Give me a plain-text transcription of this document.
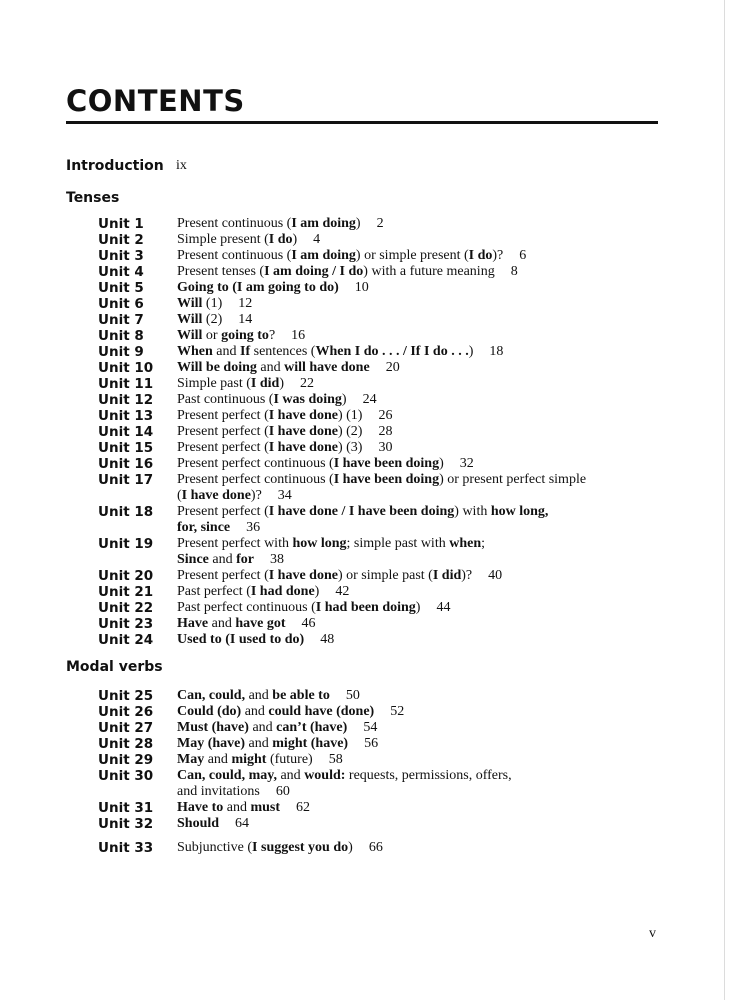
CONTENTS
Introduction ix
Tenses
Unit 1 Present continuous (I am doing) 2
Unit 2 Simple present (I do) 4
Unit 3 Present continuous (I am doing) or simple present (I do)? 6
Unit 4 Present tenses (I am doing / I do) with a future meaning 8
Unit 5 Going to (I am going to do) 10
Unit 6 Will (1) 12
Unit 7 Will (2) 14
Unit 8 Will or going to? 16
Unit 9 When and If sentences (When I do . . . / If I do . . .) 18
Unit 10 Will be doing and will have done 20
Unit 11 Simple past (I did) 22
Unit 12 Past continuous (I was doing) 24
Unit 13 Present perfect (I have done) (1) 26
Unit 14 Present perfect (I have done) (2) 28
Unit 15 Present perfect (I have done) (3) 30
Unit 16 Present perfect continuous (I have been doing) 32
Unit 17 Present perfect continuous (I have been doing) or present perfect simple
(I have done)? 34
Unit 18 Present perfect (I have done / I have been doing) with how long,
for, since 36
Unit 19 Present perfect with how long; simple past with when;
Since and for 38
Unit 20 Present perfect (I have done) or simple past (I did)? 40
Unit 21 Past perfect (I had done) 42
Unit 22 Past perfect continuous (I had been doing) 44
Unit 23 Have and have got 46
Unit 24 Used to (I used to do) 48
Modal verbs
Unit 25 Can, could, and be able to 50
Unit 26 Could (do) and could have (done) 52
Unit 27 Must (have) and can’t (have) 54
Unit 28 May (have) and might (have) 56
Unit 29 May and might (future) 58
Unit 30 Can, could, may, and would: requests, permissions, offers,
and invitations 60
Unit 31 Have to and must 62
Unit 32 Should 64
Unit 33 Subjunctive (I suggest you do) 66
v
